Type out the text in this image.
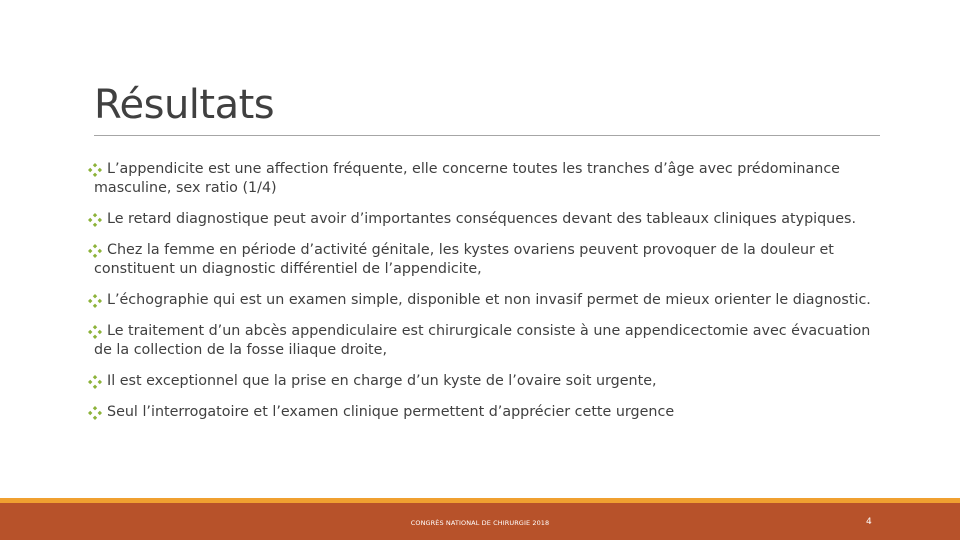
Résultats
L’appendicite est une affection fréquente, elle concerne toutes les tranches d’âge avec prédominance masculine, sex ratio (1/4)
Le retard diagnostique peut avoir d’importantes conséquences devant des tableaux cliniques atypiques.
Chez la femme en période d’activité génitale, les kystes ovariens peuvent provoquer de la douleur et constituent un diagnostic différentiel de l’appendicite,
L’échographie qui est un examen simple, disponible et non invasif permet de mieux orienter le diagnostic.
Le traitement d’un abcès appendiculaire est chirurgicale consiste à une appendicectomie avec évacuation de la collection de la fosse iliaque droite,
Il est exceptionnel que la prise en charge d’un kyste de l’ovaire soit urgente,
Seul l’interrogatoire et l’examen clinique permettent d’apprécier cette urgence
CONGRÈS NATIONAL DE CHIRURGIE 2018	4
